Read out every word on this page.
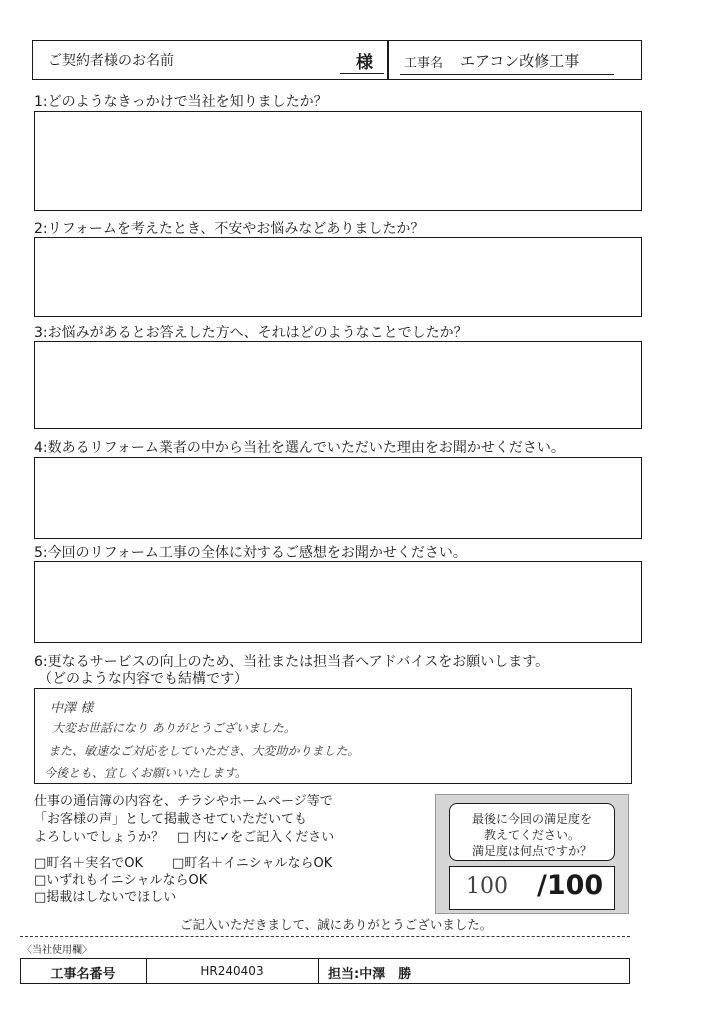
ご契約者様のお名前	様 工事名 エアコン改修工事
1:どのようなきっかけで当社を知りましたか？
2:リフォームを考えたとき、不安やお悩みなどありましたか？
3:お悩みがあるとお答えした方へ、それはどのようなことでしたか？
4:数あるリフォーム業者の中から当社を選んでいただいた理由をお聞かせください。
5:今回のリフォーム工事の全体に対するご感想をお聞かせください。
6:更なるサービスの向上のため、当社または担当者へアドバイスをお願いします。
（どのような内容でも結構です）
中澤 様
大変お世話になり ありがとうございました。
また、敏速なご対応をしていただき、大変助かりました。
今後とも、宜しくお願いいたします。
仕事の通信簿の内容を、チラシやホームページ等で
「お客様の声」として掲載させていただいても
よろしいでしょうか？　□ 内に✓をご記入ください
□町名＋実名でOK □町名＋イニシャルならOK
□いずれもイニシャルならOK
□掲載はしないでほしい
最後に今回の満足度を
教えてください。
満足度は何点ですか？
100 /100
ご記入いただきまして、誠にありがとうございました。
〈当社使用欄〉
工事名番号	HR240403	担当:中澤　勝
